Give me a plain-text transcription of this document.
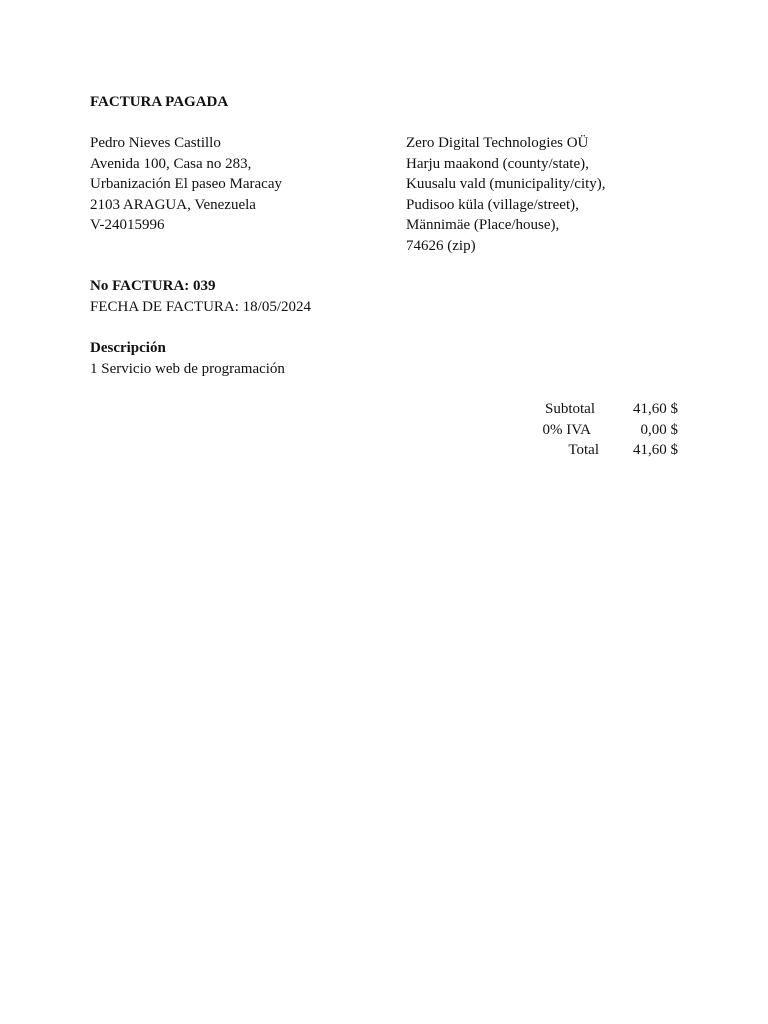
FACTURA PAGADA
Pedro Nieves Castillo
Avenida 100, Casa no 283,
Urbanización El paseo Maracay
2103 ARAGUA, Venezuela
V-24015996
Zero Digital Technologies OÜ
Harju maakond (county/state),
Kuusalu vald (municipality/city),
Pudisoo küla (village/street),
Männimäe (Place/house),
74626 (zip)
No FACTURA: 039
FECHA DE FACTURA: 18/05/2024
Descripción
1 Servicio web de programación
Subtotal	41,60 $
0% IVA	0,00 $
Total 41,60 $
